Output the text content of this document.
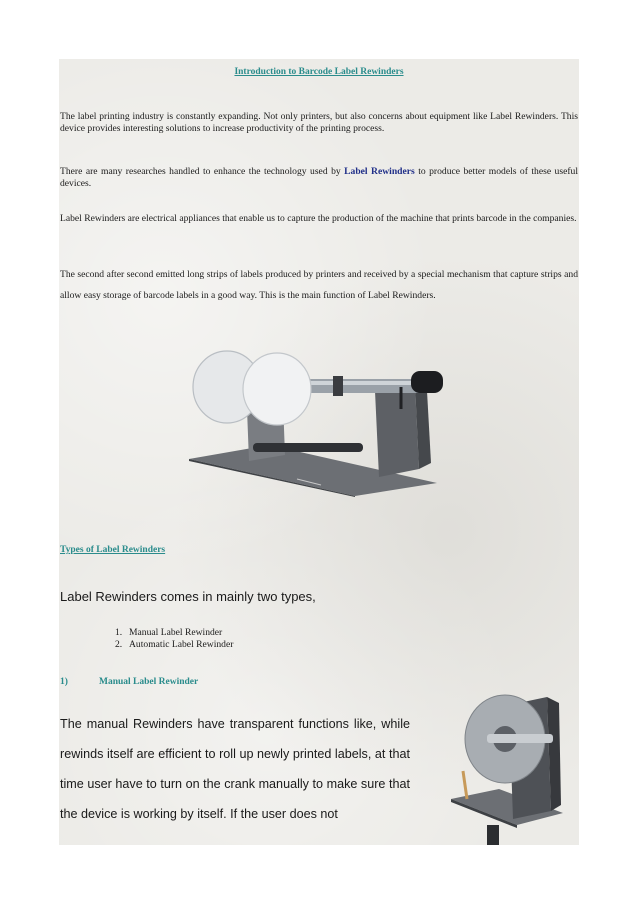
Introduction to Barcode Label Rewinders
The label printing industry is constantly expanding. Not only printers, but also concerns about equipment like Label Rewinders. This device provides interesting solutions to increase productivity of the printing process.
There are many researches handled to enhance the technology used by Label Rewinders to produce better models of these useful devices.
Label Rewinders are electrical appliances that enable us to capture the production of the machine that prints barcode in the companies.
The second after second emitted long strips of labels produced by printers and received by a special mechanism that capture strips and allow easy storage of barcode labels in a good way. This is the main function of Label Rewinders.
Types of Label Rewinders
Label Rewinders comes in mainly two types,
1. Manual Label Rewinder
2. Automatic Label Rewinder
1)	Manual Label Rewinder
The manual Rewinders have transparent functions like, while rewinds itself are efficient to roll up newly printed labels, at that time user have to turn on the crank manually to make sure that the device is working by itself. If the user does not
